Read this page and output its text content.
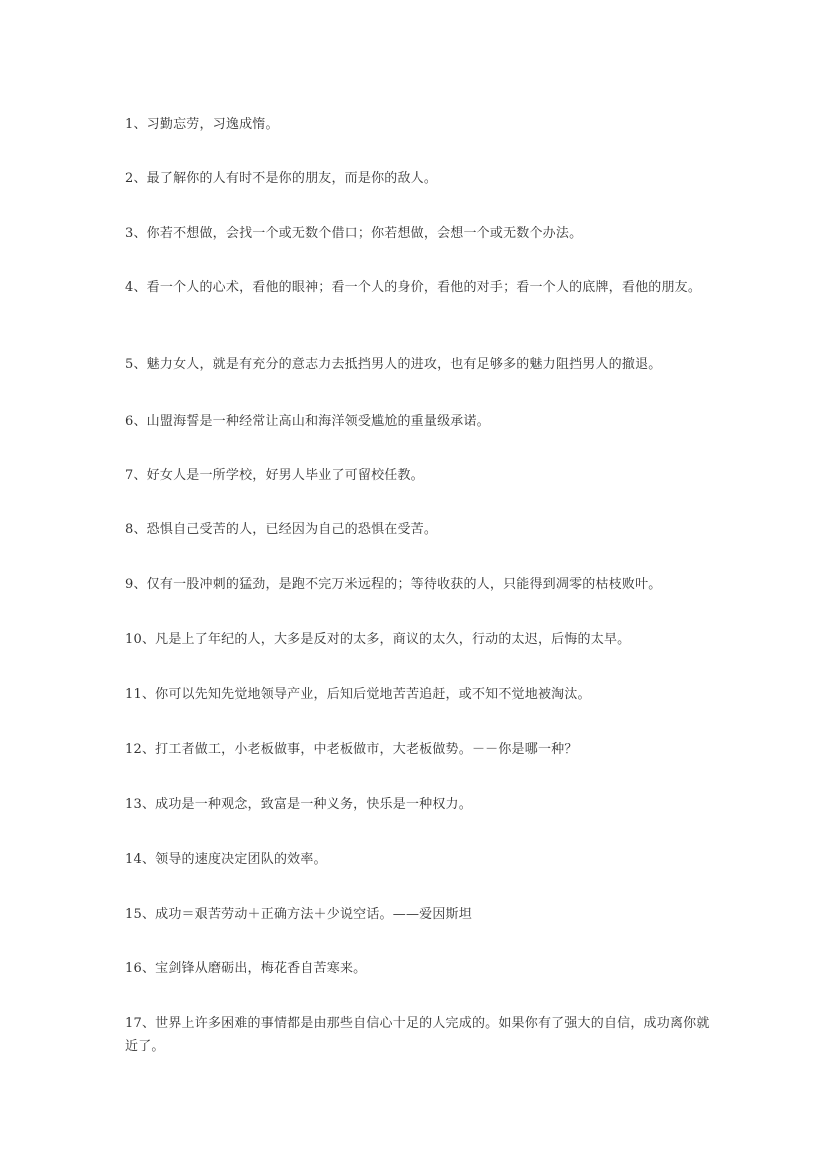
1、习勤忘劳，习逸成惰。

2、最了解你的人有时不是你的朋友，而是你的敌人。

3、你若不想做，会找一个或无数个借口；你若想做，会想一个或无数个办法。

4、看一个人的心术，看他的眼神；看一个人的身价，看他的对手；看一个人的底牌，看他的朋友。

5、魅力女人，就是有充分的意志力去抵挡男人的进攻，也有足够多的魅力阻挡男人的撤退。

6、山盟海誓是一种经常让高山和海洋领受尴尬的重量级承诺。

7、好女人是一所学校，好男人毕业了可留校任教。

8、恐惧自己受苦的人，已经因为自己的恐惧在受苦。

9、仅有一股冲刺的猛劲，是跑不完万米远程的；等待收获的人，只能得到凋零的枯枝败叶。

10、凡是上了年纪的人，大多是反对的太多，商议的太久，行动的太迟，后悔的太早。

11、你可以先知先觉地领导产业，后知后觉地苦苦追赶，或不知不觉地被淘汰。

12、打工者做工，小老板做事，中老板做市，大老板做势。－－你是哪一种？

13、成功是一种观念，致富是一种义务，快乐是一种权力。

14、领导的速度决定团队的效率。

15、成功＝艰苦劳动＋正确方法＋少说空话。——爱因斯坦

16、宝剑锋从磨砺出，梅花香自苦寒来。

17、世界上许多困难的事情都是由那些自信心十足的人完成的。如果你有了强大的自信，成功离你就近了。
